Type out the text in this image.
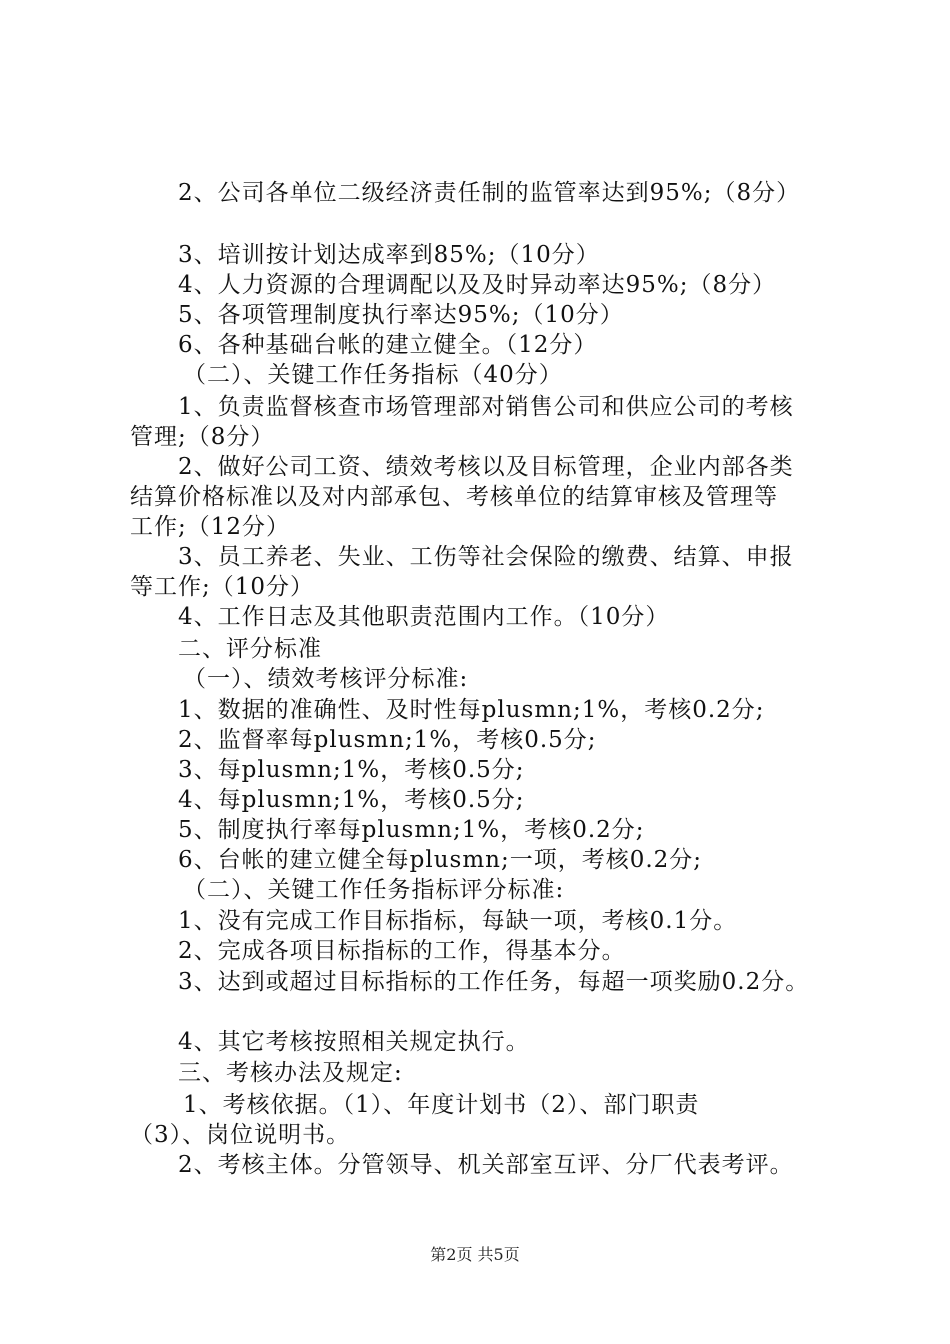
2、公司各单位二级经济责任制的监管率达到95%;（8分）
3、培训按计划达成率到85%;（10分）
4、人力资源的合理调配以及及时异动率达95%;（8分）
5、各项管理制度执行率达95%;（10分）
6、各种基础台帐的建立健全。（12分）
（二）、关键工作任务指标（40分）
1、负责监督核查市场管理部对销售公司和供应公司的考核
管理;（8分）
2、做好公司工资、绩效考核以及目标管理，企业内部各类
结算价格标准以及对内部承包、考核单位的结算审核及管理等
工作;（12分）
3、员工养老、失业、工伤等社会保险的缴费、结算、申报
等工作;（10分）
4、工作日志及其他职责范围内工作。（10分）
二、评分标准
（一）、绩效考核评分标准:
1、数据的准确性、及时性每plusmn;1%，考核0.2分;
2、监督率每plusmn;1%，考核0.5分;
3、每plusmn;1%，考核0.5分;
4、每plusmn;1%，考核0.5分;
5、制度执行率每plusmn;1%，考核0.2分;
6、台帐的建立健全每plusmn;一项，考核0.2分;
（二）、关键工作任务指标评分标准:
1、没有完成工作目标指标，每缺一项，考核0.1分。
2、完成各项目标指标的工作，得基本分。
3、达到或超过目标指标的工作任务，每超一项奖励0.2分。
4、其它考核按照相关规定执行。
三、考核办法及规定:
1、考核依据。（1）、年度计划书（2）、部门职责
（3）、岗位说明书。
2、考核主体。分管领导、机关部室互评、分厂代表考评。
第2页 共5页
